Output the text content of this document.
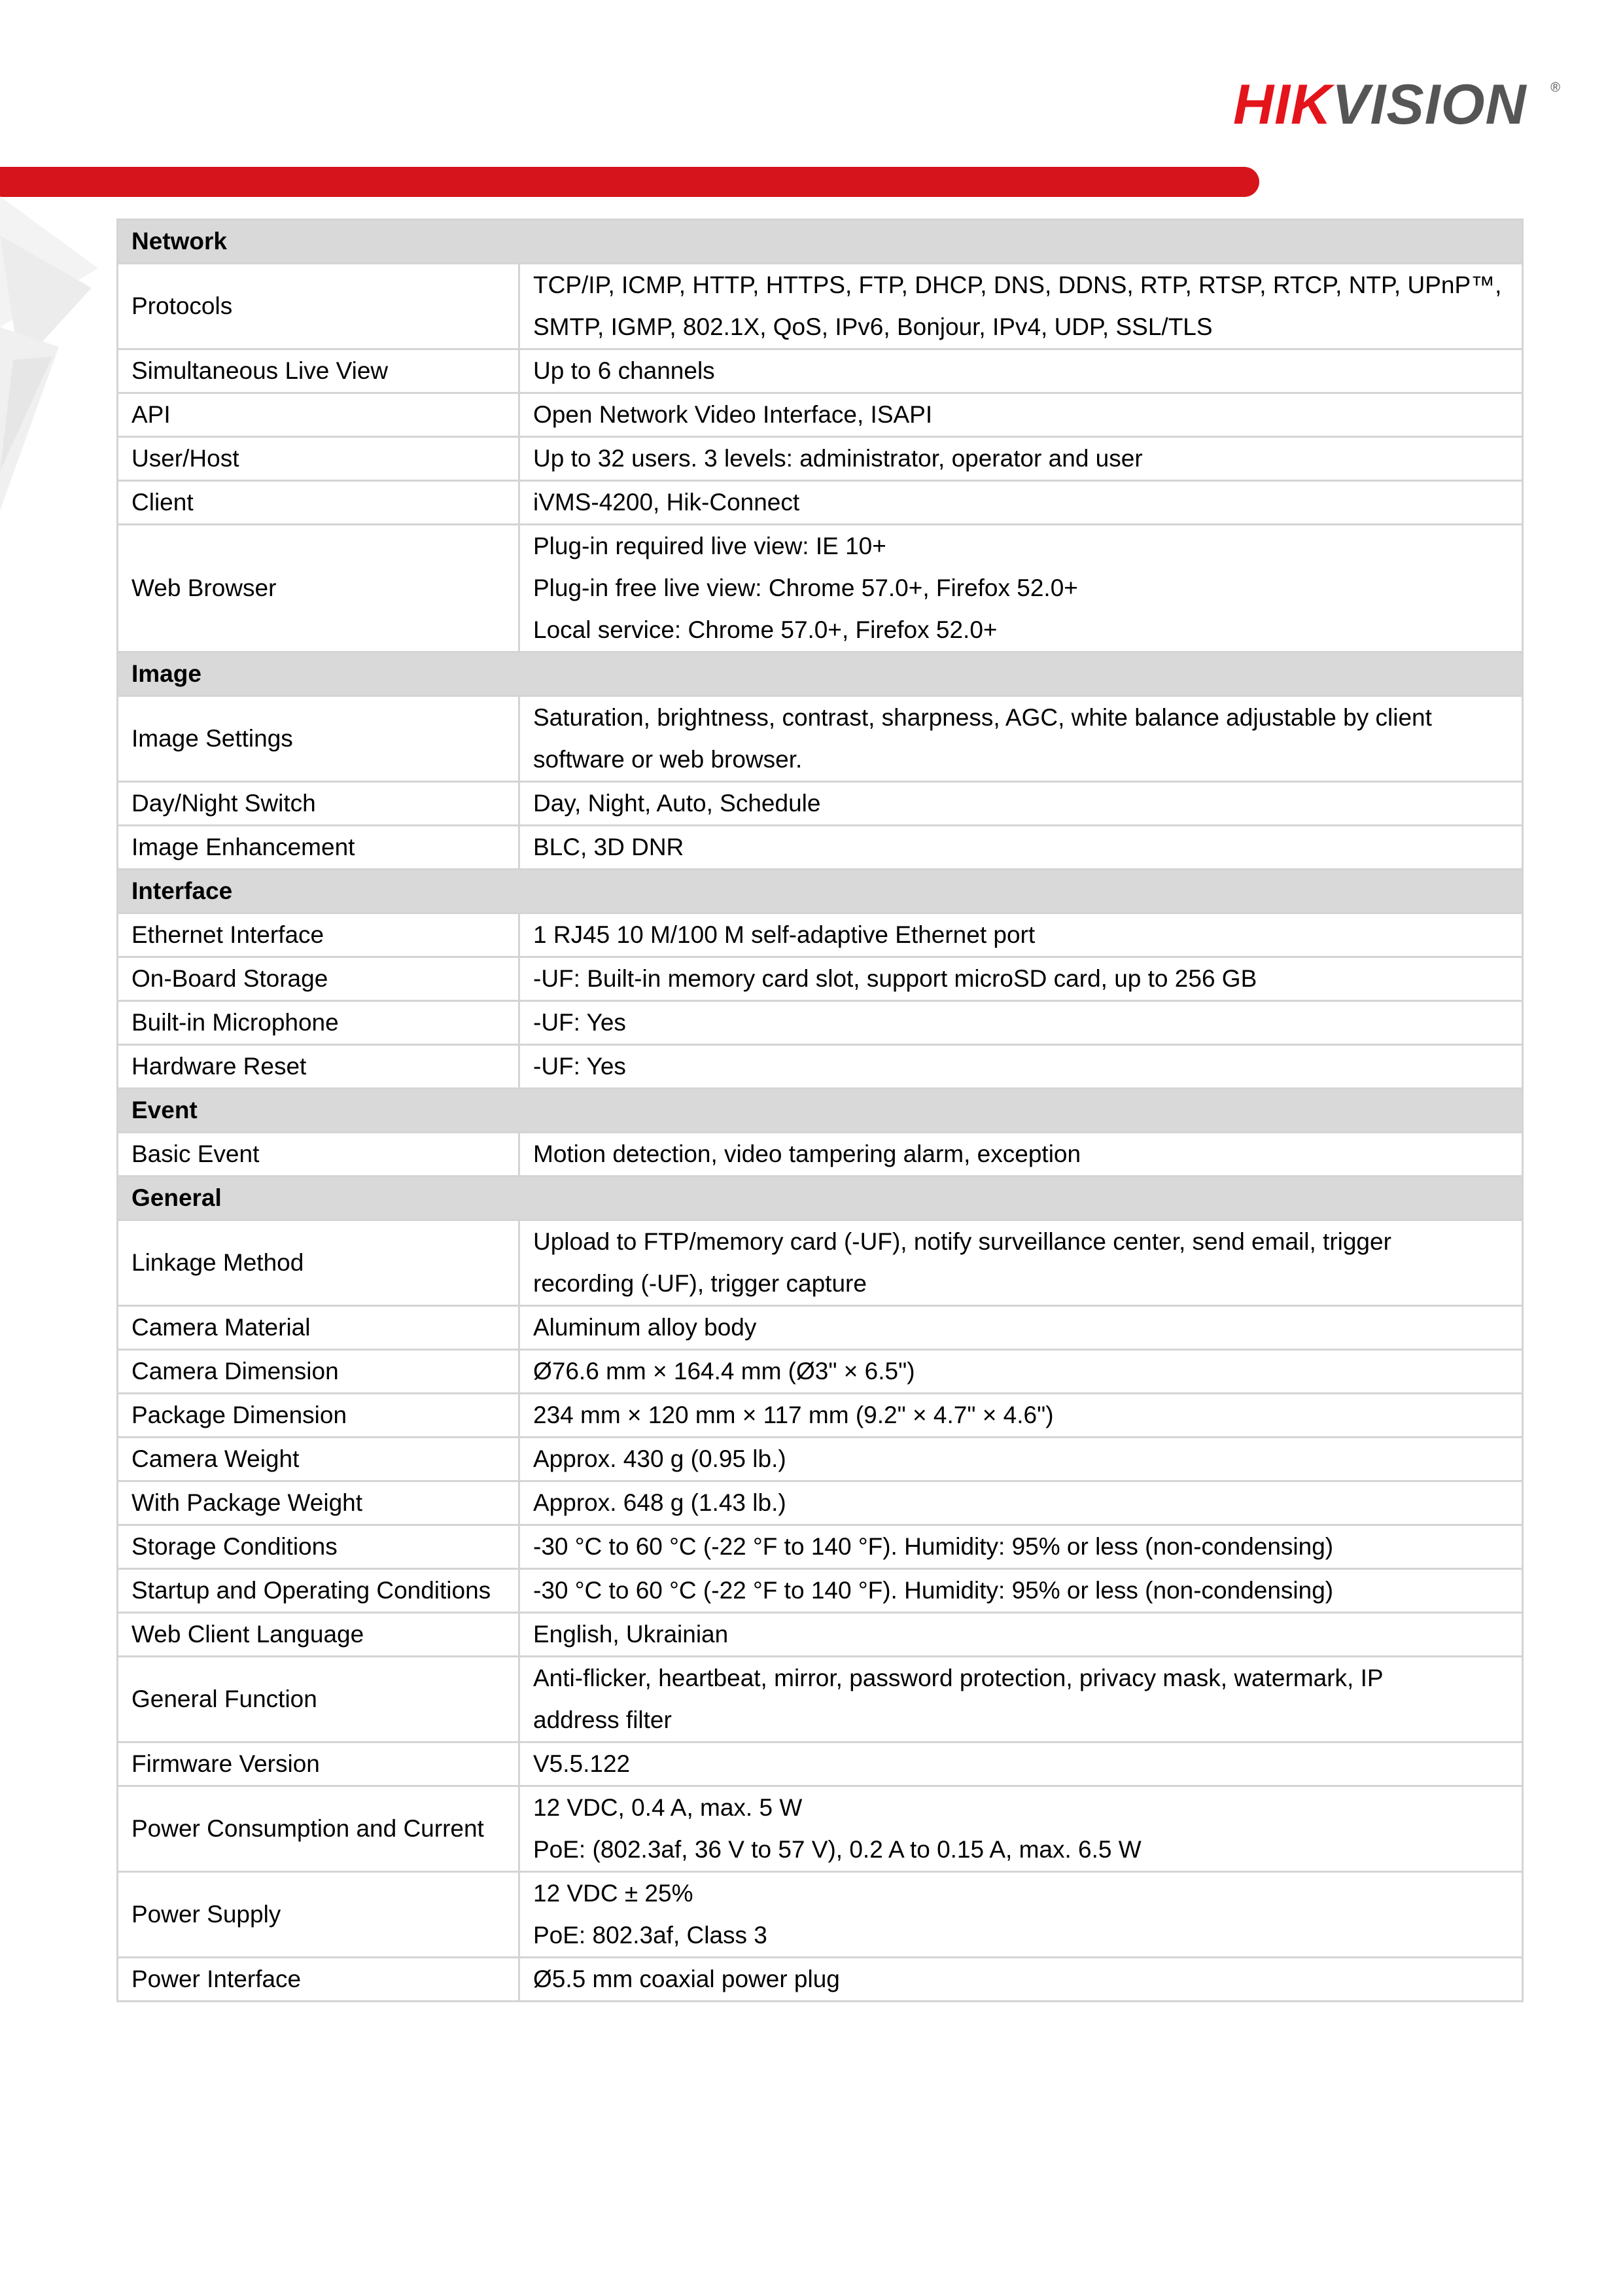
HIKVISION	®
Network	
Protocols	TCP/IP, ICMP, HTTP, HTTPS, FTP, DHCP, DNS, DDNS, RTP, RTSP, RTCP, NTP, UPnP™,
SMTP, IGMP, 802.1X, QoS, IPv6, Bonjour, IPv4, UDP, SSL/TLS

Simultaneous Live View	Up to 6 channels

API	Open Network Video Interface, ISAPI

User/Host	Up to 32 users. 3 levels: administrator, operator and user

Client	iVMS-4200, Hik-Connect

Web Browser	Plug-in required live view: IE 10+
Plug-in free live view: Chrome 57.0+, Firefox 52.0+
Local service: Chrome 57.0+, Firefox 52.0+

Image	
Image Settings	Saturation, brightness, contrast, sharpness, AGC, white balance adjustable by client
software or web browser.

Day/Night Switch	Day, Night, Auto, Schedule

Image Enhancement	BLC, 3D DNR

Interface	
Ethernet Interface	1 RJ45 10 M/100 M self-adaptive Ethernet port

On-Board Storage	-UF: Built-in memory card slot, support microSD card, up to 256 GB

Built-in Microphone	-UF: Yes

Hardware Reset	-UF: Yes

Event	
Basic Event	Motion detection, video tampering alarm, exception

General	
Linkage Method	Upload to FTP/memory card (-UF), notify surveillance center, send email, trigger
recording (-UF), trigger capture

Camera Material	Aluminum alloy body

Camera Dimension	Ø76.6 mm × 164.4 mm (Ø3" × 6.5")

Package Dimension	234 mm × 120 mm × 117 mm (9.2" × 4.7" × 4.6")

Camera Weight	Approx. 430 g (0.95 lb.)

With Package Weight	Approx. 648 g (1.43 lb.)

Storage Conditions	-30 °C to 60 °C (-22 °F to 140 °F). Humidity: 95% or less (non-condensing)

Startup and Operating Conditions	-30 °C to 60 °C (-22 °F to 140 °F). Humidity: 95% or less (non-condensing)

Web Client Language	English, Ukrainian

General Function	Anti-flicker, heartbeat, mirror, password protection, privacy mask, watermark, IP
address filter

Firmware Version	V5.5.122

Power Consumption and Current	12 VDC, 0.4 A, max. 5 W
PoE: (802.3af, 36 V to 57 V), 0.2 A to 0.15 A, max. 6.5 W

Power Supply	12 VDC ± 25%
PoE: 802.3af, Class 3

Power Interface	Ø5.5 mm coaxial power plug
